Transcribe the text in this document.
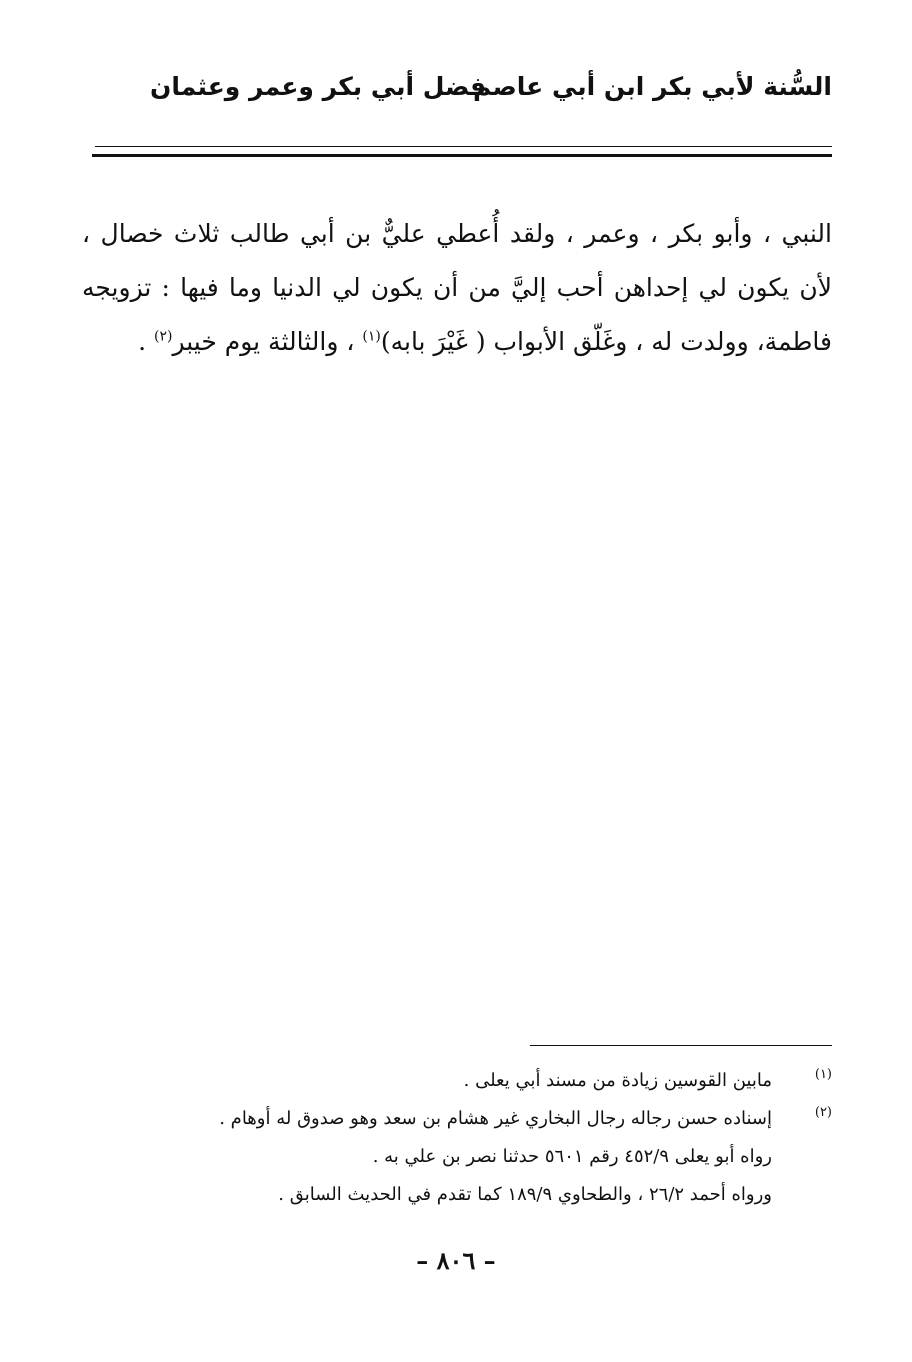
السُّنة لأبي بكر ابن أبي عاصم
فضل أبي بكر وعمر وعثمان
النبي ، وأبو بكر ، وعمر ، ولقد أُعطي عليٌّ بن أبي طالب ثلاث خصال ،
لأن يكون لي إحداهن أحب إليَّ من أن يكون لي الدنيا وما فيها : تزويجه
فاطمة، وولدت له ، وغَلّق الأبواب ( غَيْرَ بابه)$^{(١)}$ ، والثالثة يوم خيبر$^{(٢)}$ .
(١)مابين القوسين زيادة من مسند أبي يعلى .
(٢)إسناده حسن رجاله رجال البخاري غير هشام بن سعد وهو صدوق له أوهام .
رواه أبو يعلى ٤٥٢/٩ رقم ٥٦٠١ حدثنا نصر بن علي به .
ورواه أحمد ٢٦/٢ ، والطحاوي ١٨٩/٩ كما تقدم في الحديث السابق .
– ٨٠٦ –
